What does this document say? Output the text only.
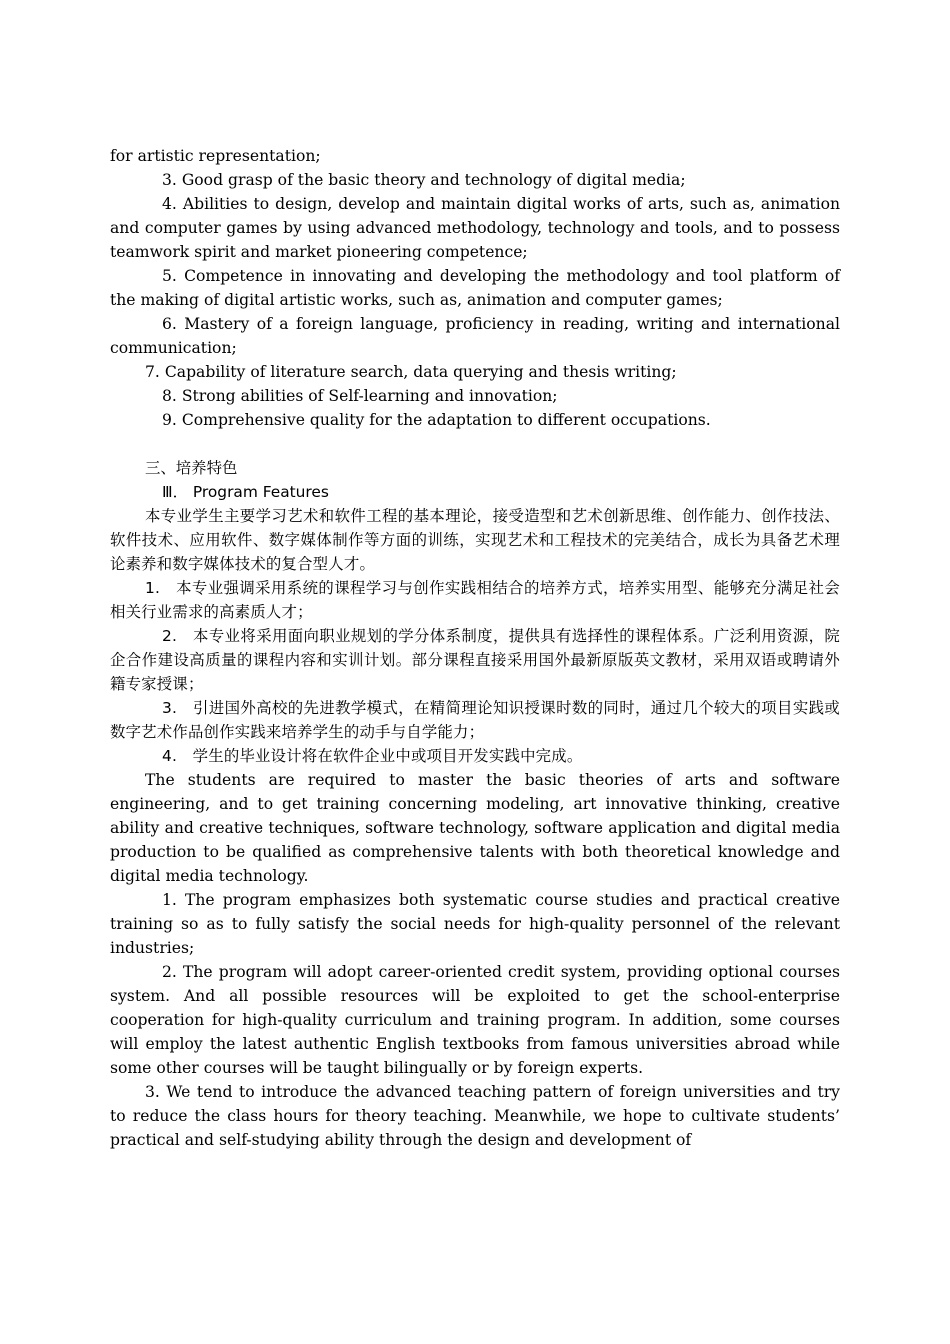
for artistic representation;

3. Good grasp of the basic theory and technology of digital media;

4. Abilities to design, develop and maintain digital works of arts, such as, animation and computer games by using advanced methodology, technology and tools, and to possess teamwork spirit and market pioneering competence;

5. Competence in innovating and developing the methodology and tool platform of the making of digital artistic works, such as, animation and computer games;

6. Mastery of a foreign language, proficiency in reading, writing and international communication;

7. Capability of literature search, data querying and thesis writing;

8. Strong abilities of Self-learning and innovation;

9. Comprehensive quality for the adaptation to different occupations.

三、培养特色

Ⅲ． Program Features

本专业学生主要学习艺术和软件工程的基本理论，接受造型和艺术创新思维、创作能力、创作技法、软件技术、应用软件、数字媒体制作等方面的训练，实现艺术和工程技术的完美结合，成长为具备艺术理论素养和数字媒体技术的复合型人才。

1.　本专业强调采用系统的课程学习与创作实践相结合的培养方式，培养实用型、能够充分满足社会相关行业需求的高素质人才；

2.　本专业将采用面向职业规划的学分体系制度，提供具有选择性的课程体系。广泛利用资源，院企合作建设高质量的课程内容和实训计划。部分课程直接采用国外最新原版英文教材，采用双语或聘请外籍专家授课；

3.　引进国外高校的先进教学模式，在精简理论知识授课时数的同时，通过几个较大的项目实践或数字艺术作品创作实践来培养学生的动手与自学能力；

4.　学生的毕业设计将在软件企业中或项目开发实践中完成。

The students are required to master the basic theories of arts and software engineering, and to get training concerning modeling, art innovative thinking, creative ability and creative techniques, software technology, software application and digital media production to be qualified as comprehensive talents with both theoretical knowledge and digital media technology.

1. The program emphasizes both systematic course studies and practical creative training so as to fully satisfy the social needs for high-quality personnel of the relevant industries;

2. The program will adopt career-oriented credit system, providing optional courses system. And all possible resources will be exploited to get the school-enterprise cooperation for high-quality curriculum and training program. In addition, some courses will employ the latest authentic English textbooks from famous universities abroad while some other courses will be taught bilingually or by foreign experts.

3. We tend to introduce the advanced teaching pattern of foreign universities and try to reduce the class hours for theory teaching. Meanwhile, we hope to cultivate students’ practical and self-studying ability through the design and development of
